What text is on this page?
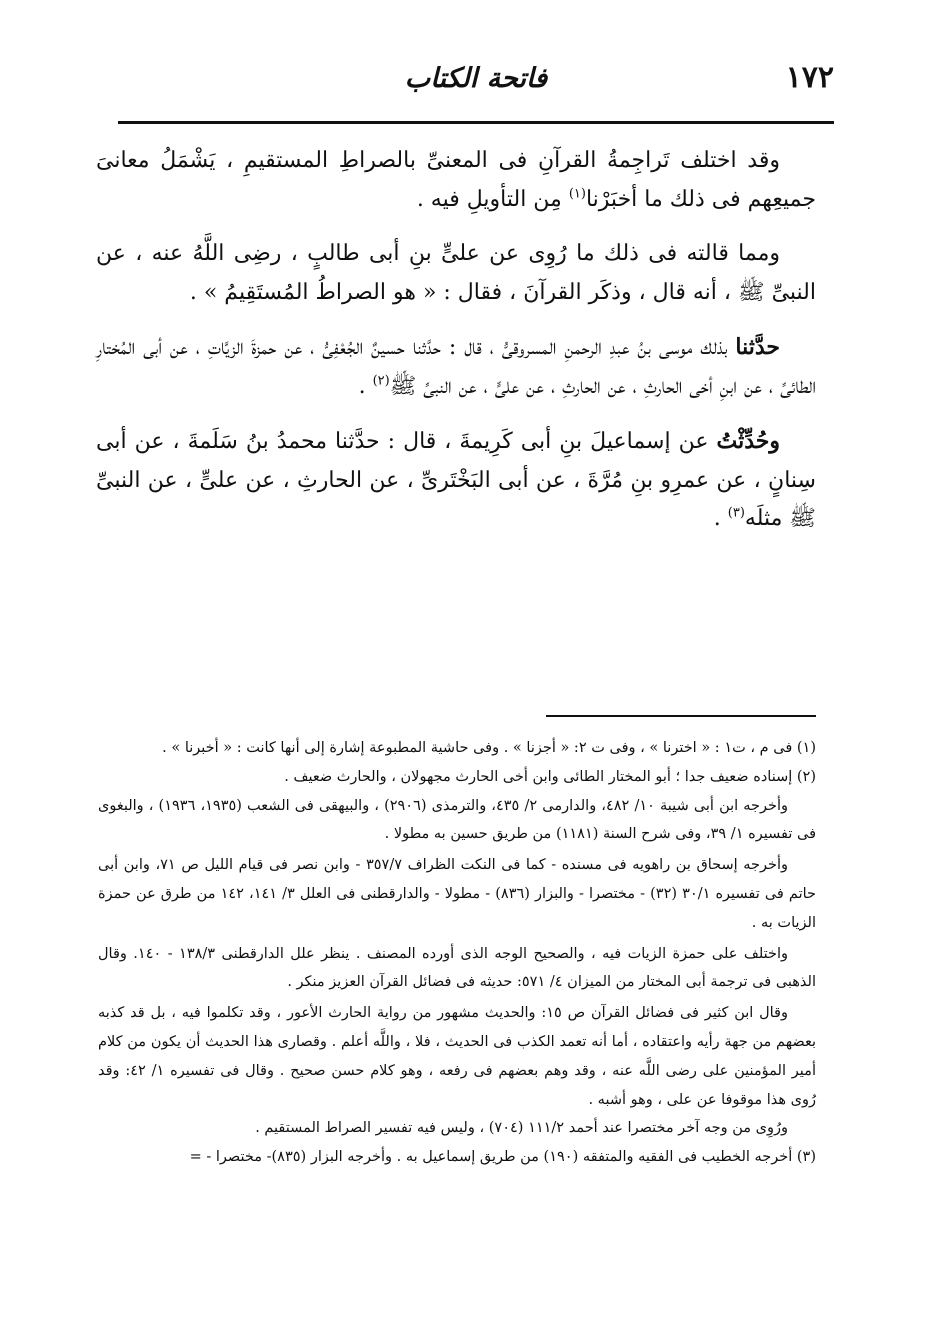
١٧٢
فاتحة الكتاب

وقد اختلف تَراجِمةُ القرآنِ فى المعنىِّ بالصراطِ المستقيمِ ، يَشْمَلُ معانىَ جميعِهم فى ذلك ما أخبَرْنا$^{(١)}$ مِن التأويلِ فيه .

ومما قالته فى ذلك ما رُوِى عن علىٍّ بنِ أبى طالبٍ ، رضِى اللَّهُ عنه ، عن النبىِّ ﷺ ، أنه قال ، وذكَر القرآنَ ، فقال : « هو الصراطُ المُستَقِيمُ » .

حدَّثنا بذلك موسى بنُ عبدِ الرحمنِ المسروقىُّ ، قال : حدَّثنا حسينٌ الجُعْفِىُّ ، عن حمزةَ الزيَّاتِ ، عن أبى المُختارِ الطائىِّ ، عن ابنِ أخى الحارثِ ، عن الحارثِ ، عن علىٍّ ، عن النبىِّ ﷺ$^{(٢)}$ .

وحُدِّثْتُ عن إسماعيلَ بنِ أبى كَرِيمةَ ، قال : حدَّثنا محمدُ بنُ سَلَمةَ ، عن أبى سِنانٍ ، عن عمرِو بنِ مُرَّةَ ، عن أبى البَخْتَرىِّ ، عن الحارثِ ، عن علىٍّ ، عن النبىِّ ﷺ مثلَه$^{(٣)}$ .

(١) فى م ، ت١ : « اخترنا » ، وفى ت ٢: « أجزنا » . وفى حاشية المطبوعة إشارة إلى أنها كانت : « أخبرنا » .

(٢) إسناده ضعيف جدا ؛ أبو المختار الطائى وابن أخى الحارث مجهولان ، والحارث ضعيف .

وأخرجه ابن أبى شيبة ١٠/ ٤٨٢، والدارمى ٢/ ٤٣٥، والترمذى (٢٩٠٦) ، والبيهقى فى الشعب (١٩٣٥، ١٩٣٦) ، والبغوى فى تفسيره ١/ ٣٩، وفى شرح السنة (١١٨١) من طريق حسين به مطولا .

وأخرجه إسحاق بن راهويه فى مسنده - كما فى النكت الظراف ٣٥٧/٧ - وابن نصر فى قيام الليل ص ٧١، وابن أبى حاتم فى تفسيره ٣٠/١ (٣٢) - مختصرا - والبزار (٨٣٦) - مطولا - والدارقطنى فى العلل ٣/ ١٤١، ١٤٢ من طرق عن حمزة الزيات به .

واختلف على حمزة الزيات فيه ، والصحيح الوجه الذى أورده المصنف . ينظر علل الدارقطنى ١٣٨/٣ - ١٤٠. وقال الذهبى فى ترجمة أبى المختار من الميزان ٤/ ٥٧١: حديثه فى فضائل القرآن العزيز منكر .

وقال ابن كثير فى فضائل القرآن ص ١٥: والحديث مشهور من رواية الحارث الأعور ، وقد تكلموا فيه ، بل قد كذبه بعضهم من جهة رأيه واعتقاده ، أما أنه تعمد الكذب فى الحديث ، فلا ، واللَّه أعلم . وقصارى هذا الحديث أن يكون من كلام أمير المؤمنين على رضى اللَّه عنه ، وقد وهم بعضهم فى رفعه ، وهو كلام حسن صحيح . وقال فى تفسيره ١/ ٤٢: وقد رُوى هذا موقوفا عن على ، وهو أشبه .

ورُوِى من وجه آخر مختصرا عند أحمد ١١١/٢ (٧٠٤) ، وليس فيه تفسير الصراط المستقيم .

(٣) أخرجه الخطيب فى الفقيه والمتفقه (١٩٠) من طريق إسماعيل به . وأخرجه البزار (٨٣٥)- مختصرا - =
